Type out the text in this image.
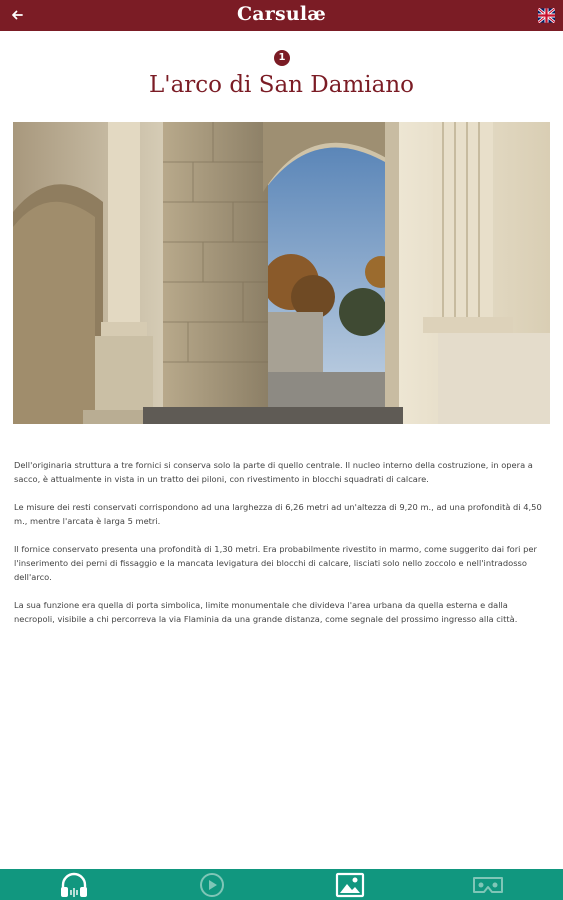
Carsulæ
1
L'arco di San Damiano

Dell'originaria struttura a tre fornici si conserva solo la parte di quello centrale. Il nucleo interno della costruzione, in opera a sacco, è attualmente in vista in un tratto dei piloni, con rivestimento in blocchi squadrati di calcare.

Le misure dei resti conservati corrispondono ad una larghezza di 6,26 metri ad un'altezza di 9,20 m., ad una profondità di 4,50 m., mentre l'arcata è larga 5 metri.

Il fornice conservato presenta una profondità di 1,30 metri. Era probabilmente rivestito in marmo, come suggerito dai fori per l'inserimento dei perni di fissaggio e la mancata levigatura dei blocchi di calcare, lisciati solo nello zoccolo e nell'intradosso dell'arco.

La sua funzione era quella di porta simbolica, limite monumentale che divideva l'area urbana da quella esterna e dalla necropoli, visibile a chi percorreva la via Flaminia da una grande distanza, come segnale del prossimo ingresso alla città.
